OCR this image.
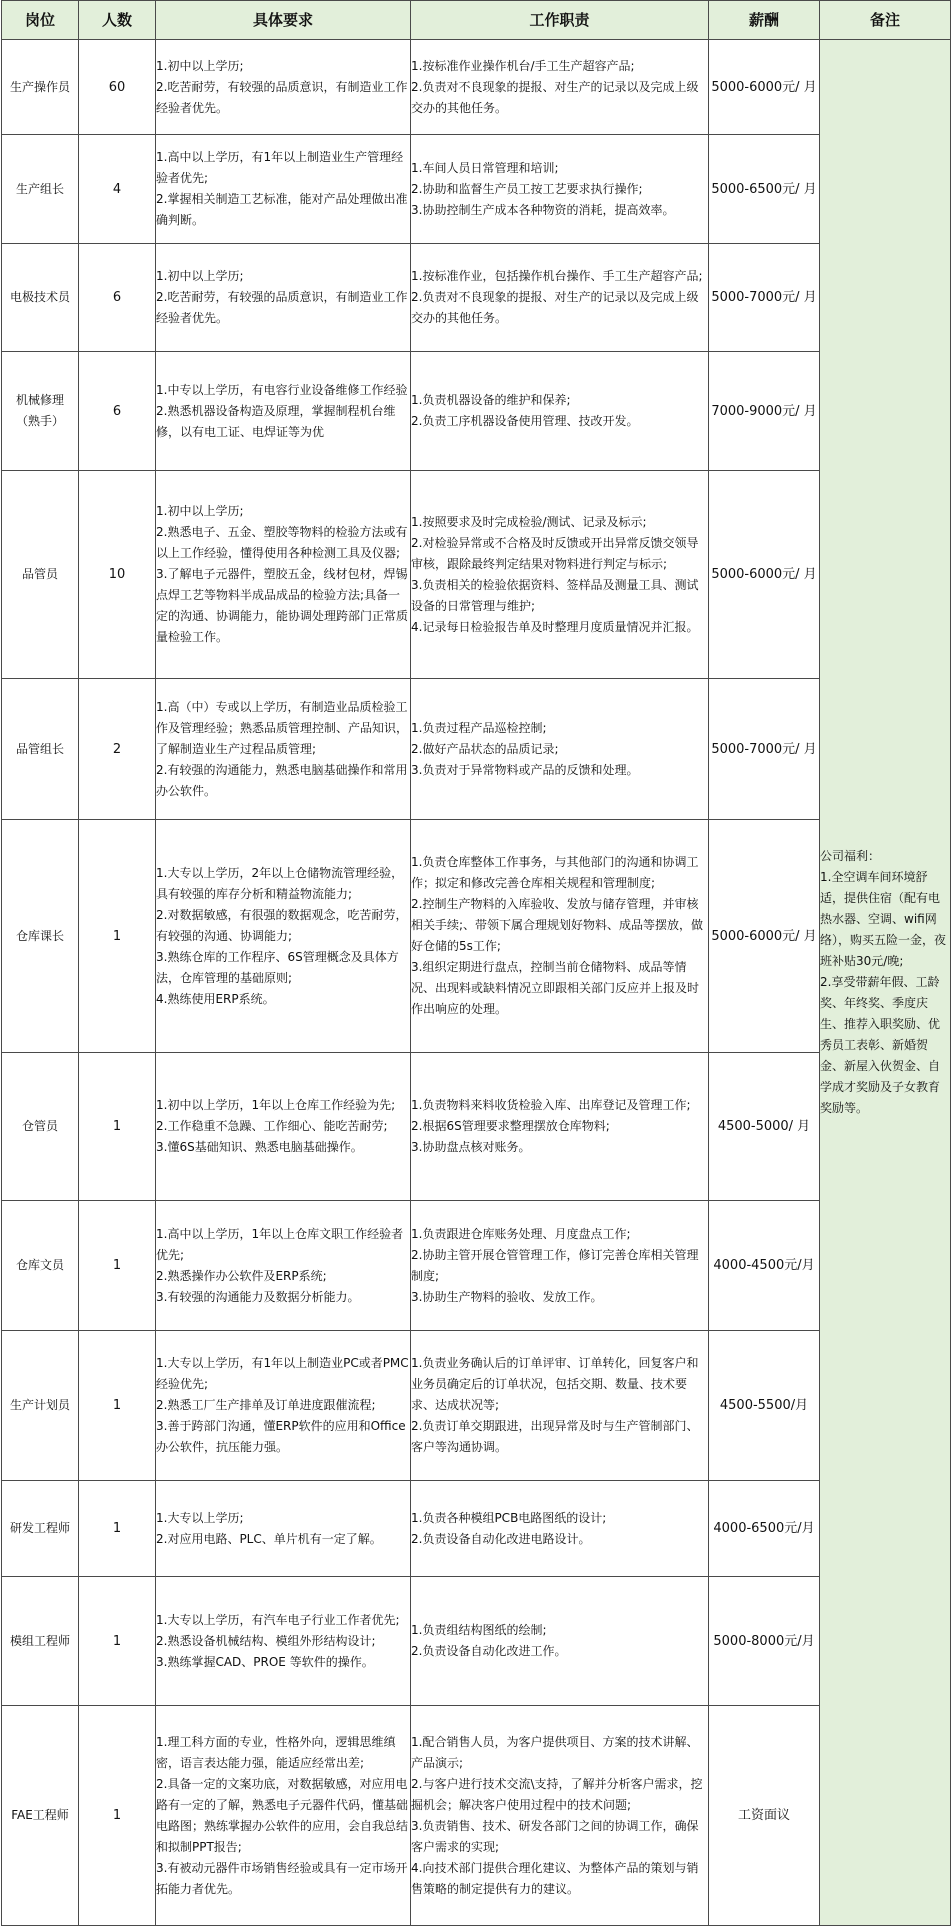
岗位	人数	具体要求	工作职责	薪酬	备注

生产操作员	60	1.初中以上学历;
2.吃苦耐劳，有较强的品质意识，有制造业工作经验者优先。	1.按标准作业操作机台/手工生产超容产品;
2.负责对不良现象的提报、对生产的记录以及完成上级交办的其他任务。	5000-6000元/ 月	公司福利：
1.全空调车间环境舒适，提供住宿（配有电热水器、空调、wifi网络），购买五险一金，夜班补贴30元/晚;
2.享受带薪年假、工龄奖、年终奖、季度庆生、推荐入职奖励、优秀员工表彰、新婚贺金、新屋入伙贺金、自学成才奖励及子女教育奖励等。

生产组长	4	1.高中以上学历，有1年以上制造业生产管理经验者优先;
2.掌握相关制造工艺标准，能对产品处理做出准确判断。	1.车间人员日常管理和培训;
2.协助和监督生产员工按工艺要求执行操作;
3.协助控制生产成本各种物资的消耗，提高效率。	5000-6500元/ 月	

电极技术员	6	1.初中以上学历;
2.吃苦耐劳，有较强的品质意识，有制造业工作经验者优先。	1.按标准作业，包括操作机台操作、手工生产超容产品;
2.负责对不良现象的提报、对生产的记录以及完成上级交办的其他任务。	5000-7000元/ 月	

机械修理
（熟手）	6	1.中专以上学历，有电容行业设备维修工作经验
2.熟悉机器设备构造及原理，掌握制程机台维修，以有电工证、电焊证等为优	1.负责机器设备的维护和保养;
2.负责工序机器设备使用管理、技改开发。	7000-9000元/ 月	

品管员	10	1.初中以上学历;
2.熟悉电子、五金、塑胶等物料的检验方法或有以上工作经验，懂得使用各种检测工具及仪器;
3.了解电子元器件，塑胶五金，线材包材，焊锡点焊工艺等物料半成品成品的检验方法;具备一定的沟通、协调能力，能协调处理跨部门正常质量检验工作。	1.按照要求及时完成检验/测试、记录及标示;
2.对检验异常或不合格及时反馈或开出异常反馈交领导审核，跟除最终判定结果对物料进行判定与标示;
3.负责相关的检验依据资料、签样品及测量工具、测试设备的日常管理与维护;
4.记录每日检验报告单及时整理月度质量情况并汇报。	5000-6000元/ 月	

品管组长	2	1.高（中）专或以上学历，有制造业品质检验工作及管理经验；熟悉品质管理控制、产品知识，了解制造业生产过程品质管理;
2.有较强的沟通能力，熟悉电脑基础操作和常用办公软件。	1.负责过程产品巡检控制;
2.做好产品状态的品质记录;
3.负责对于异常物料或产品的反馈和处理。	5000-7000元/ 月	

仓库课长	1	1.大专以上学历，2年以上仓储物流管理经验，具有较强的库存分析和精益物流能力;
2.对数据敏感，有很强的数据观念，吃苦耐劳，有较强的沟通、协调能力;
3.熟练仓库的工作程序、6S管理概念及具体方法，仓库管理的基础原则;
4.熟练使用ERP系统。	1.负责仓库整体工作事务，与其他部门的沟通和协调工作；拟定和修改完善仓库相关规程和管理制度;
2.控制生产物料的入库验收、发放与储存管理，并审核相关手续;、带领下属合理规划好物料、成品等摆放，做好仓储的5s工作;
3.组织定期进行盘点，控制当前仓储物料、成品等情况、出现料或缺料情况立即跟相关部门反应并上报及时作出响应的处理。	5000-6000元/ 月	

仓管员	1	1.初中以上学历，1年以上仓库工作经验为先;
2.工作稳重不急躁、工作细心、能吃苦耐劳;
3.懂6S基础知识、熟悉电脑基础操作。	1.负责物料来料收货检验入库、出库登记及管理工作;
2.根据6S管理要求整理摆放仓库物料;
3.协助盘点核对账务。	4500-5000/ 月	

仓库文员	1	1.高中以上学历，1年以上仓库文职工作经验者优先;
2.熟悉操作办公软件及ERP系统;
3.有较强的沟通能力及数据分析能力。	1.负责跟进仓库账务处理、月度盘点工作;
2.协助主管开展仓管管理工作，修订完善仓库相关管理制度;
3.协助生产物料的验收、发放工作。	4000-4500元/月	

生产计划员	1	1.大专以上学历，有1年以上制造业PC或者PMC经验优先;
2.熟悉工厂生产排单及订单进度跟催流程;
3.善于跨部门沟通，懂ERP软件的应用和Office办公软件，抗压能力强。	1.负责业务确认后的订单评审、订单转化，回复客户和业务员确定后的订单状况，包括交期、数量、技术要求、达成状况等;
2.负责订单交期跟进，出现异常及时与生产管制部门、客户等沟通协调。	4500-5500/月	

研发工程师	1	1.大专以上学历;
2.对应用电路、PLC、单片机有一定了解。	1.负责各种模组PCB电路图纸的设计;
2.负责设备自动化改进电路设计。	4000-6500元/月	

模组工程师	1	1.大专以上学历，有汽车电子行业工作者优先;
2.熟悉设备机械结构、模组外形结构设计;
3.熟练掌握CAD、PROE 等软件的操作。	1.负责组结构图纸的绘制;
2.负责设备自动化改进工作。	5000-8000元/月	

FAE工程师	1	1.理工科方面的专业，性格外向，逻辑思维缜密，语言表达能力强，能适应经常出差;
2.具备一定的文案功底，对数据敏感，对应用电路有一定的了解，熟悉电子元器件代码，懂基础电路图；熟练掌握办公软件的应用，会自我总结和拟制PPT报告;
3.有被动元器件市场销售经验或具有一定市场开拓能力者优先。	1.配合销售人员，为客户提供项目、方案的技术讲解、产品演示;
2.与客户进行技术交流\支持，了解并分析客户需求，挖掘机会；解决客户使用过程中的技术问题;
3.负责销售、技术、研发各部门之间的协调工作，确保客户需求的实现;
4.向技术部门提供合理化建议、为整体产品的策划与销售策略的制定提供有力的建议。	工资面议	
